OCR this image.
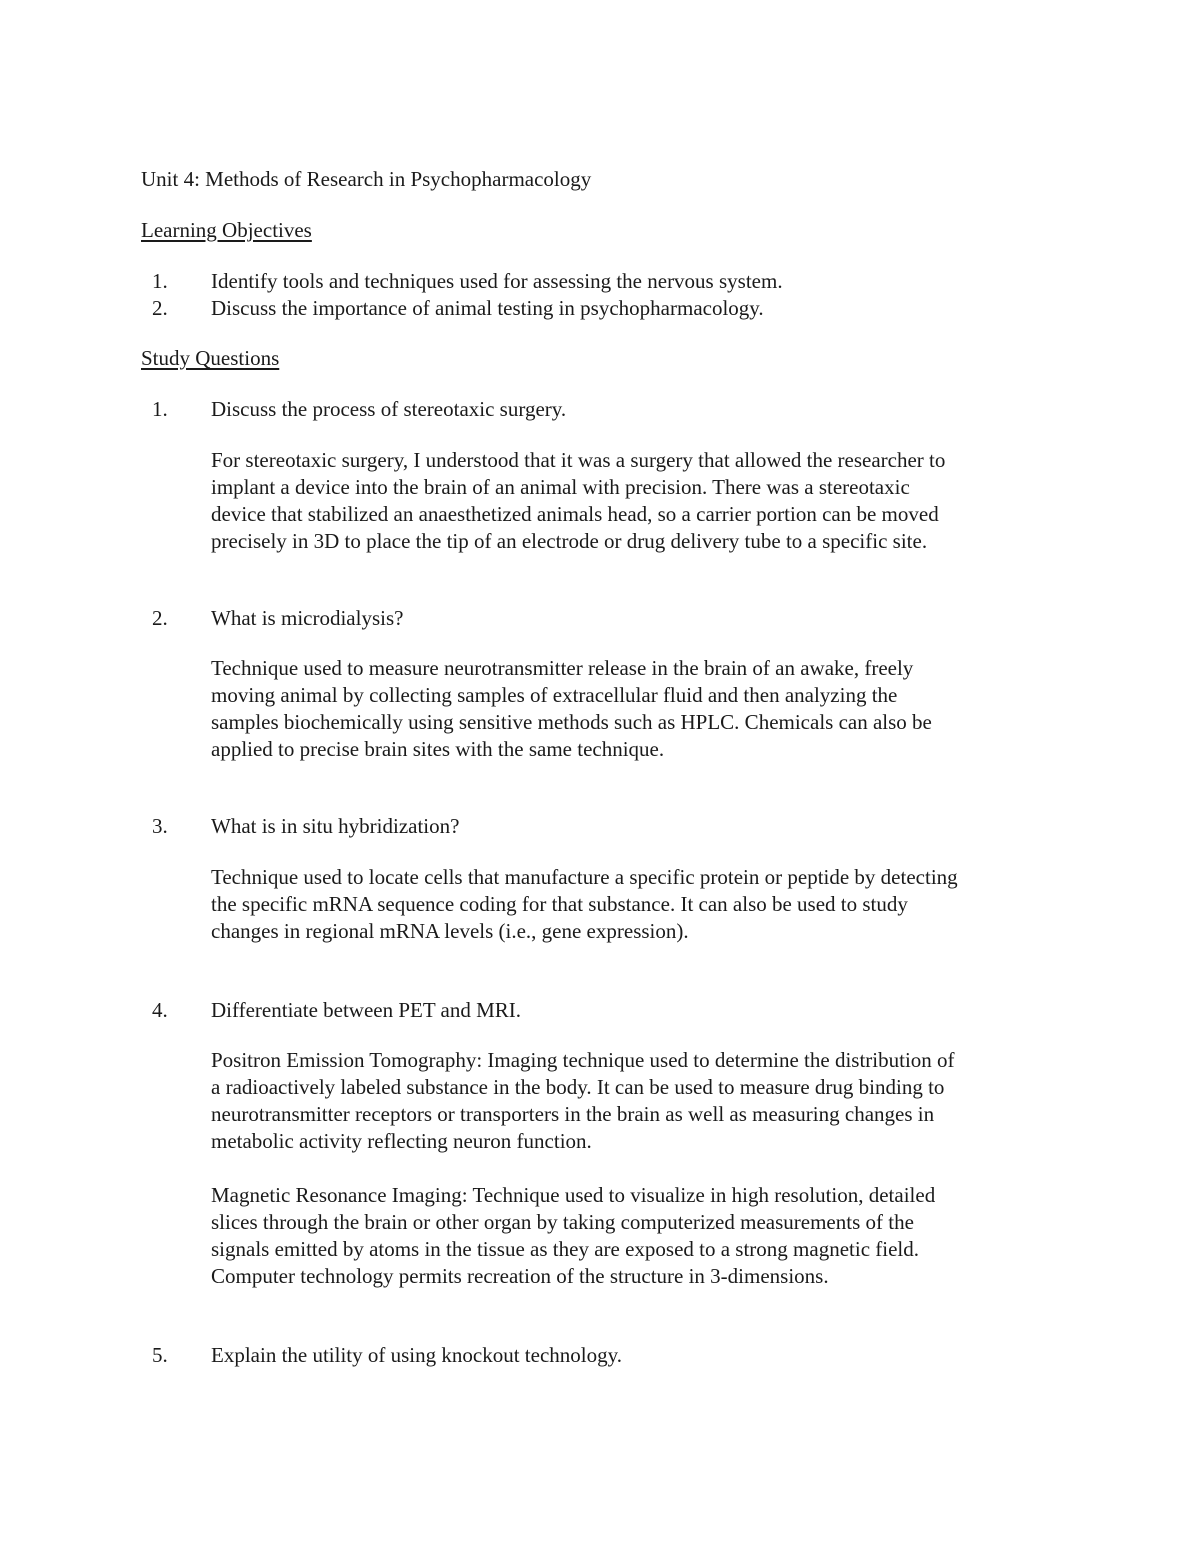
Unit 4: Methods of Research in Psychopharmacology
Learning Objectives
1. Identify tools and techniques used for assessing the nervous system.
2. Discuss the importance of animal testing in psychopharmacology.
Study Questions
1. Discuss the process of stereotaxic surgery.
For stereotaxic surgery, I understood that it was a surgery that allowed the researcher to
implant a device into the brain of an animal with precision. There was a stereotaxic
device that stabilized an anaesthetized animals head, so a carrier portion can be moved
precisely in 3D to place the tip of an electrode or drug delivery tube to a specific site.
2. What is microdialysis?
Technique used to measure neurotransmitter release in the brain of an awake, freely
moving animal by collecting samples of extracellular fluid and then analyzing the
samples biochemically using sensitive methods such as HPLC. Chemicals can also be
applied to precise brain sites with the same technique.
3. What is in situ hybridization?
Technique used to locate cells that manufacture a specific protein or peptide by detecting
the specific mRNA sequence coding for that substance. It can also be used to study
changes in regional mRNA levels (i.e., gene expression).
4. Differentiate between PET and MRI.
Positron Emission Tomography: Imaging technique used to determine the distribution of
a radioactively labeled substance in the body. It can be used to measure drug binding to
neurotransmitter receptors or transporters in the brain as well as measuring changes in
metabolic activity reflecting neuron function.
Magnetic Resonance Imaging: Technique used to visualize in high resolution, detailed
slices through the brain or other organ by taking computerized measurements of the
signals emitted by atoms in the tissue as they are exposed to a strong magnetic field.
Computer technology permits recreation of the structure in 3-dimensions.
5. Explain the utility of using knockout technology.
